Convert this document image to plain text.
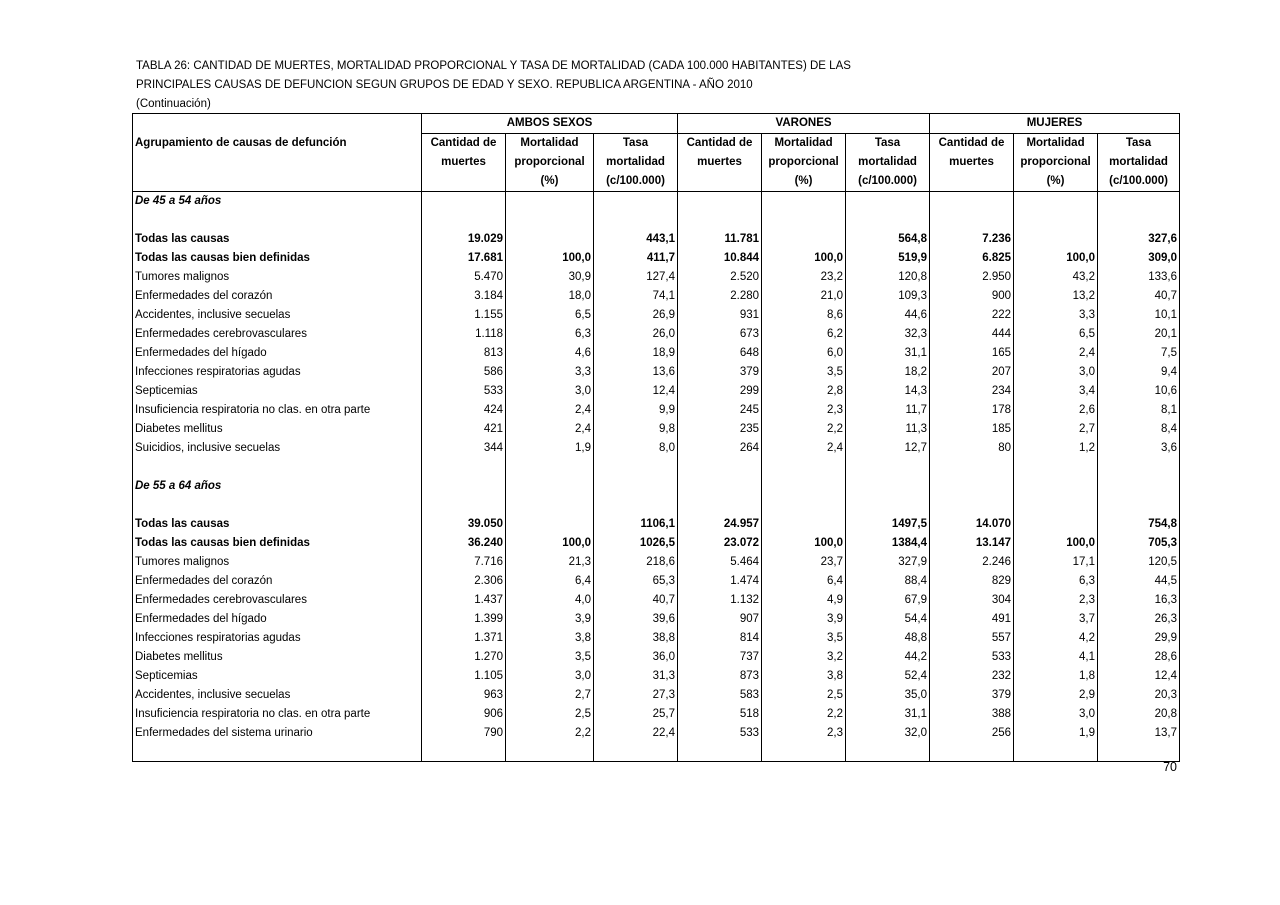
TABLA 26: CANTIDAD DE MUERTES, MORTALIDAD PROPORCIONAL Y TASA DE MORTALIDAD (CADA 100.000 HABITANTES) DE LAS
PRINCIPALES CAUSAS DE DEFUNCION SEGUN GRUPOS DE EDAD Y SEXO. REPUBLICA ARGENTINA - AÑO 2010
(Continuación)
	AMBOS SEXOS			VARONES			MUJERES		
Agrupamiento de causas de defunción	Cantidad de	Mortalidad	Tasa	Cantidad de	Mortalidad	Tasa	Cantidad de	Mortalidad	Tasa
	muertes	proporcional	mortalidad	muertes	proporcional	mortalidad	muertes	proporcional	mortalidad
		(%)	(c/100.000)		(%)	(c/100.000)		(%)	(c/100.000)
De 45 a 54 años									

Todas las causas	19.029		443,1	11.781		564,8	7.236		327,6
Todas las causas bien definidas	17.681	100,0	411,7	10.844	100,0	519,9	6.825	100,0	309,0
Tumores malignos	5.470	30,9	127,4	2.520	23,2	120,8	2.950	43,2	133,6
Enfermedades del corazón	3.184	18,0	74,1	2.280	21,0	109,3	900	13,2	40,7
Accidentes, inclusive secuelas	1.155	6,5	26,9	931	8,6	44,6	222	3,3	10,1
Enfermedades cerebrovasculares	1.118	6,3	26,0	673	6,2	32,3	444	6,5	20,1
Enfermedades del hígado	813	4,6	18,9	648	6,0	31,1	165	2,4	7,5
Infecciones respiratorias agudas	586	3,3	13,6	379	3,5	18,2	207	3,0	9,4
Septicemias	533	3,0	12,4	299	2,8	14,3	234	3,4	10,6
Insuficiencia respiratoria no clas. en otra parte	424	2,4	9,9	245	2,3	11,7	178	2,6	8,1
Diabetes mellitus	421	2,4	9,8	235	2,2	11,3	185	2,7	8,4
Suicidios, inclusive secuelas	344	1,9	8,0	264	2,4	12,7	80	1,2	3,6

De 55 a 64 años									

Todas las causas	39.050		1106,1	24.957		1497,5	14.070		754,8
Todas las causas bien definidas	36.240	100,0	1026,5	23.072	100,0	1384,4	13.147	100,0	705,3
Tumores malignos	7.716	21,3	218,6	5.464	23,7	327,9	2.246	17,1	120,5
Enfermedades del corazón	2.306	6,4	65,3	1.474	6,4	88,4	829	6,3	44,5
Enfermedades cerebrovasculares	1.437	4,0	40,7	1.132	4,9	67,9	304	2,3	16,3
Enfermedades del hígado	1.399	3,9	39,6	907	3,9	54,4	491	3,7	26,3
Infecciones respiratorias agudas	1.371	3,8	38,8	814	3,5	48,8	557	4,2	29,9
Diabetes mellitus	1.270	3,5	36,0	737	3,2	44,2	533	4,1	28,6
Septicemias	1.105	3,0	31,3	873	3,8	52,4	232	1,8	12,4
Accidentes, inclusive secuelas	963	2,7	27,3	583	2,5	35,0	379	2,9	20,3
Insuficiencia respiratoria no clas. en otra parte	906	2,5	25,7	518	2,2	31,1	388	3,0	20,8
Enfermedades del sistema urinario	790	2,2	22,4	533	2,3	32,0	256	1,9	13,7

70
